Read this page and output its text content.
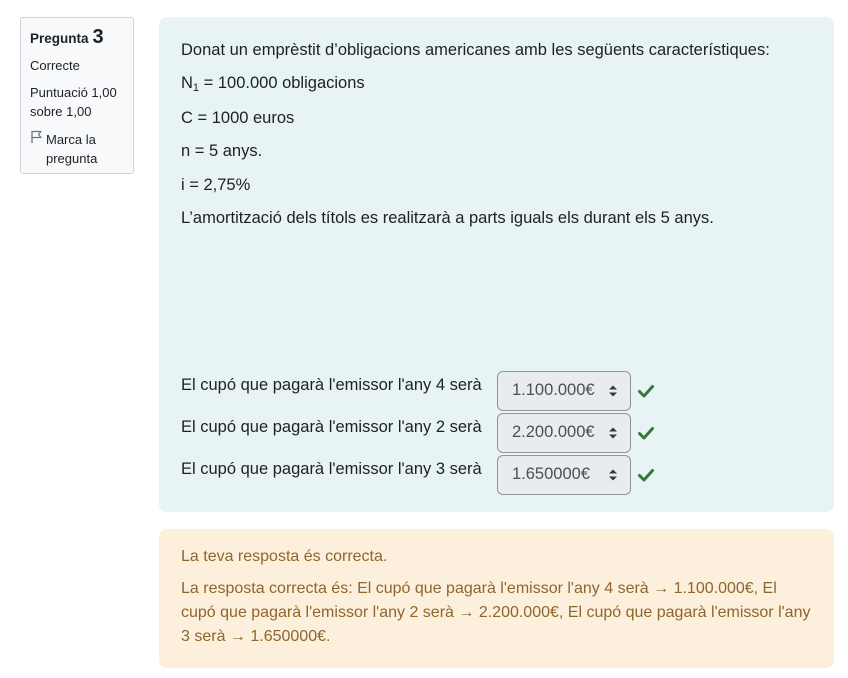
Pregunta 3
Correcte
Puntuació 1,00 sobre 1,00
Marca la pregunta

Donat un emprèstit d’obligacions americanes amb les següents característiques:

$N_1 = 100.000$ obligacions

C = 1000 euros

n = 5 anys.

i = 2,75%

L’amortització dels títols es realitzarà a parts iguals els durant els 5 anys.

El cupó que pagarà l'emissor l'any 4 serà	1.100.000€
El cupó que pagarà l'emissor l'any 2 serà	2.200.000€
El cupó que pagarà l'emissor l'any 3 serà	1.650000€

La teva resposta és correcta.

La resposta correcta és: El cupó que pagarà l'emissor l'any 4 serà → 1.100.000€, El cupó que pagarà l'emissor l'any 2 serà → 2.200.000€, El cupó que pagarà l'emissor l'any 3 serà → 1.650000€.
